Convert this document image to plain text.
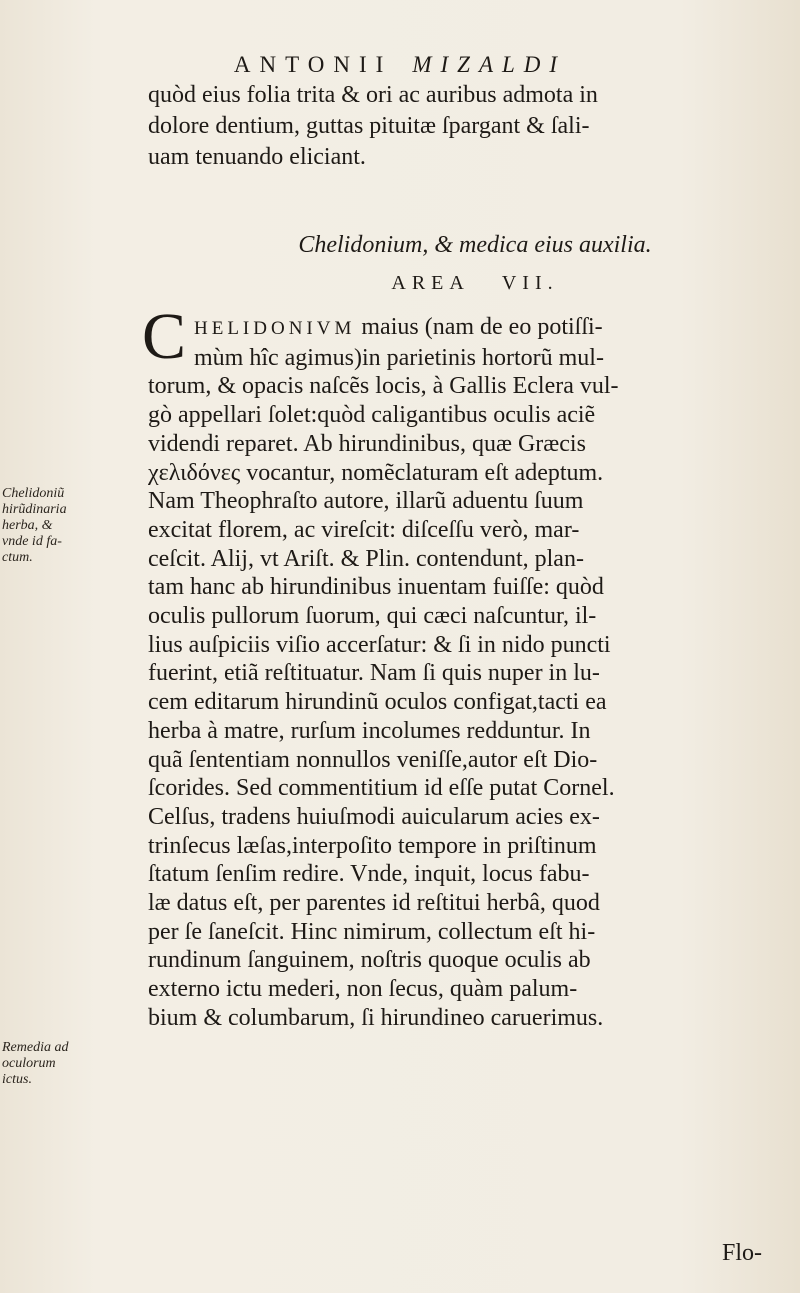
ANTONII MIZALDI
quòd eius folia trita & ori ac auribus admota in
dolore dentium, guttas pituitæ ſpargant & ſali-
uam tenuando eliciant.
Chelidonium, & medica eius auxilia.
AREA VII.
C HELIDONIVM maius (nam de eo potiſſi-
mùm hîc agimus)in parietinis hortorũ mul-
torum, & opacis naſcẽs locis, à Gallis Eclera vul-
gò appellari ſolet:quòd caligantibus oculis aciẽ
videndi reparet. Ab hirundinibus, quæ Græcis
χελιδόνες vocantur, nomẽclaturam eſt adeptum.
Nam Theophraſto autore, illarũ aduentu ſuum
excitat florem, ac vireſcit: diſceſſu verò, mar-
ceſcit. Alij, vt Ariſt. & Plin. contendunt, plan-
tam hanc ab hirundinibus inuentam fuiſſe: quòd
oculis pullorum ſuorum, qui cæci naſcuntur, il-
lius auſpiciis viſio accerſatur: & ſi in nido puncti
fuerint, etiã reſtituatur. Nam ſi quis nuper in lu-
cem editarum hirundinũ oculos configat,tacti ea
herba à matre, rurſum incolumes redduntur. In
quã ſententiam nonnullos veniſſe,autor eſt Dio-
ſcorides. Sed commentitium id eſſe putat Cornel.
Celſus, tradens huiuſmodi auicularum acies ex-
trinſecus læſas,interpoſito tempore in priſtinum
ſtatum ſenſim redire. Vnde, inquit, locus fabu-
læ datus eſt, per parentes id reſtitui herbâ, quod
per ſe ſaneſcit. Hinc nimirum, collectum eſt hi-
rundinum ſanguinem, noſtris quoque oculis ab
externo ictu mederi, non ſecus, quàm palum-
bium & columbarum, ſi hirundineo caruerimus.
Chelidoniũ
hirũdinaria
herba, &
vnde id fa-
ctum.
Remedia ad
oculorum
ictus.
Flo-
